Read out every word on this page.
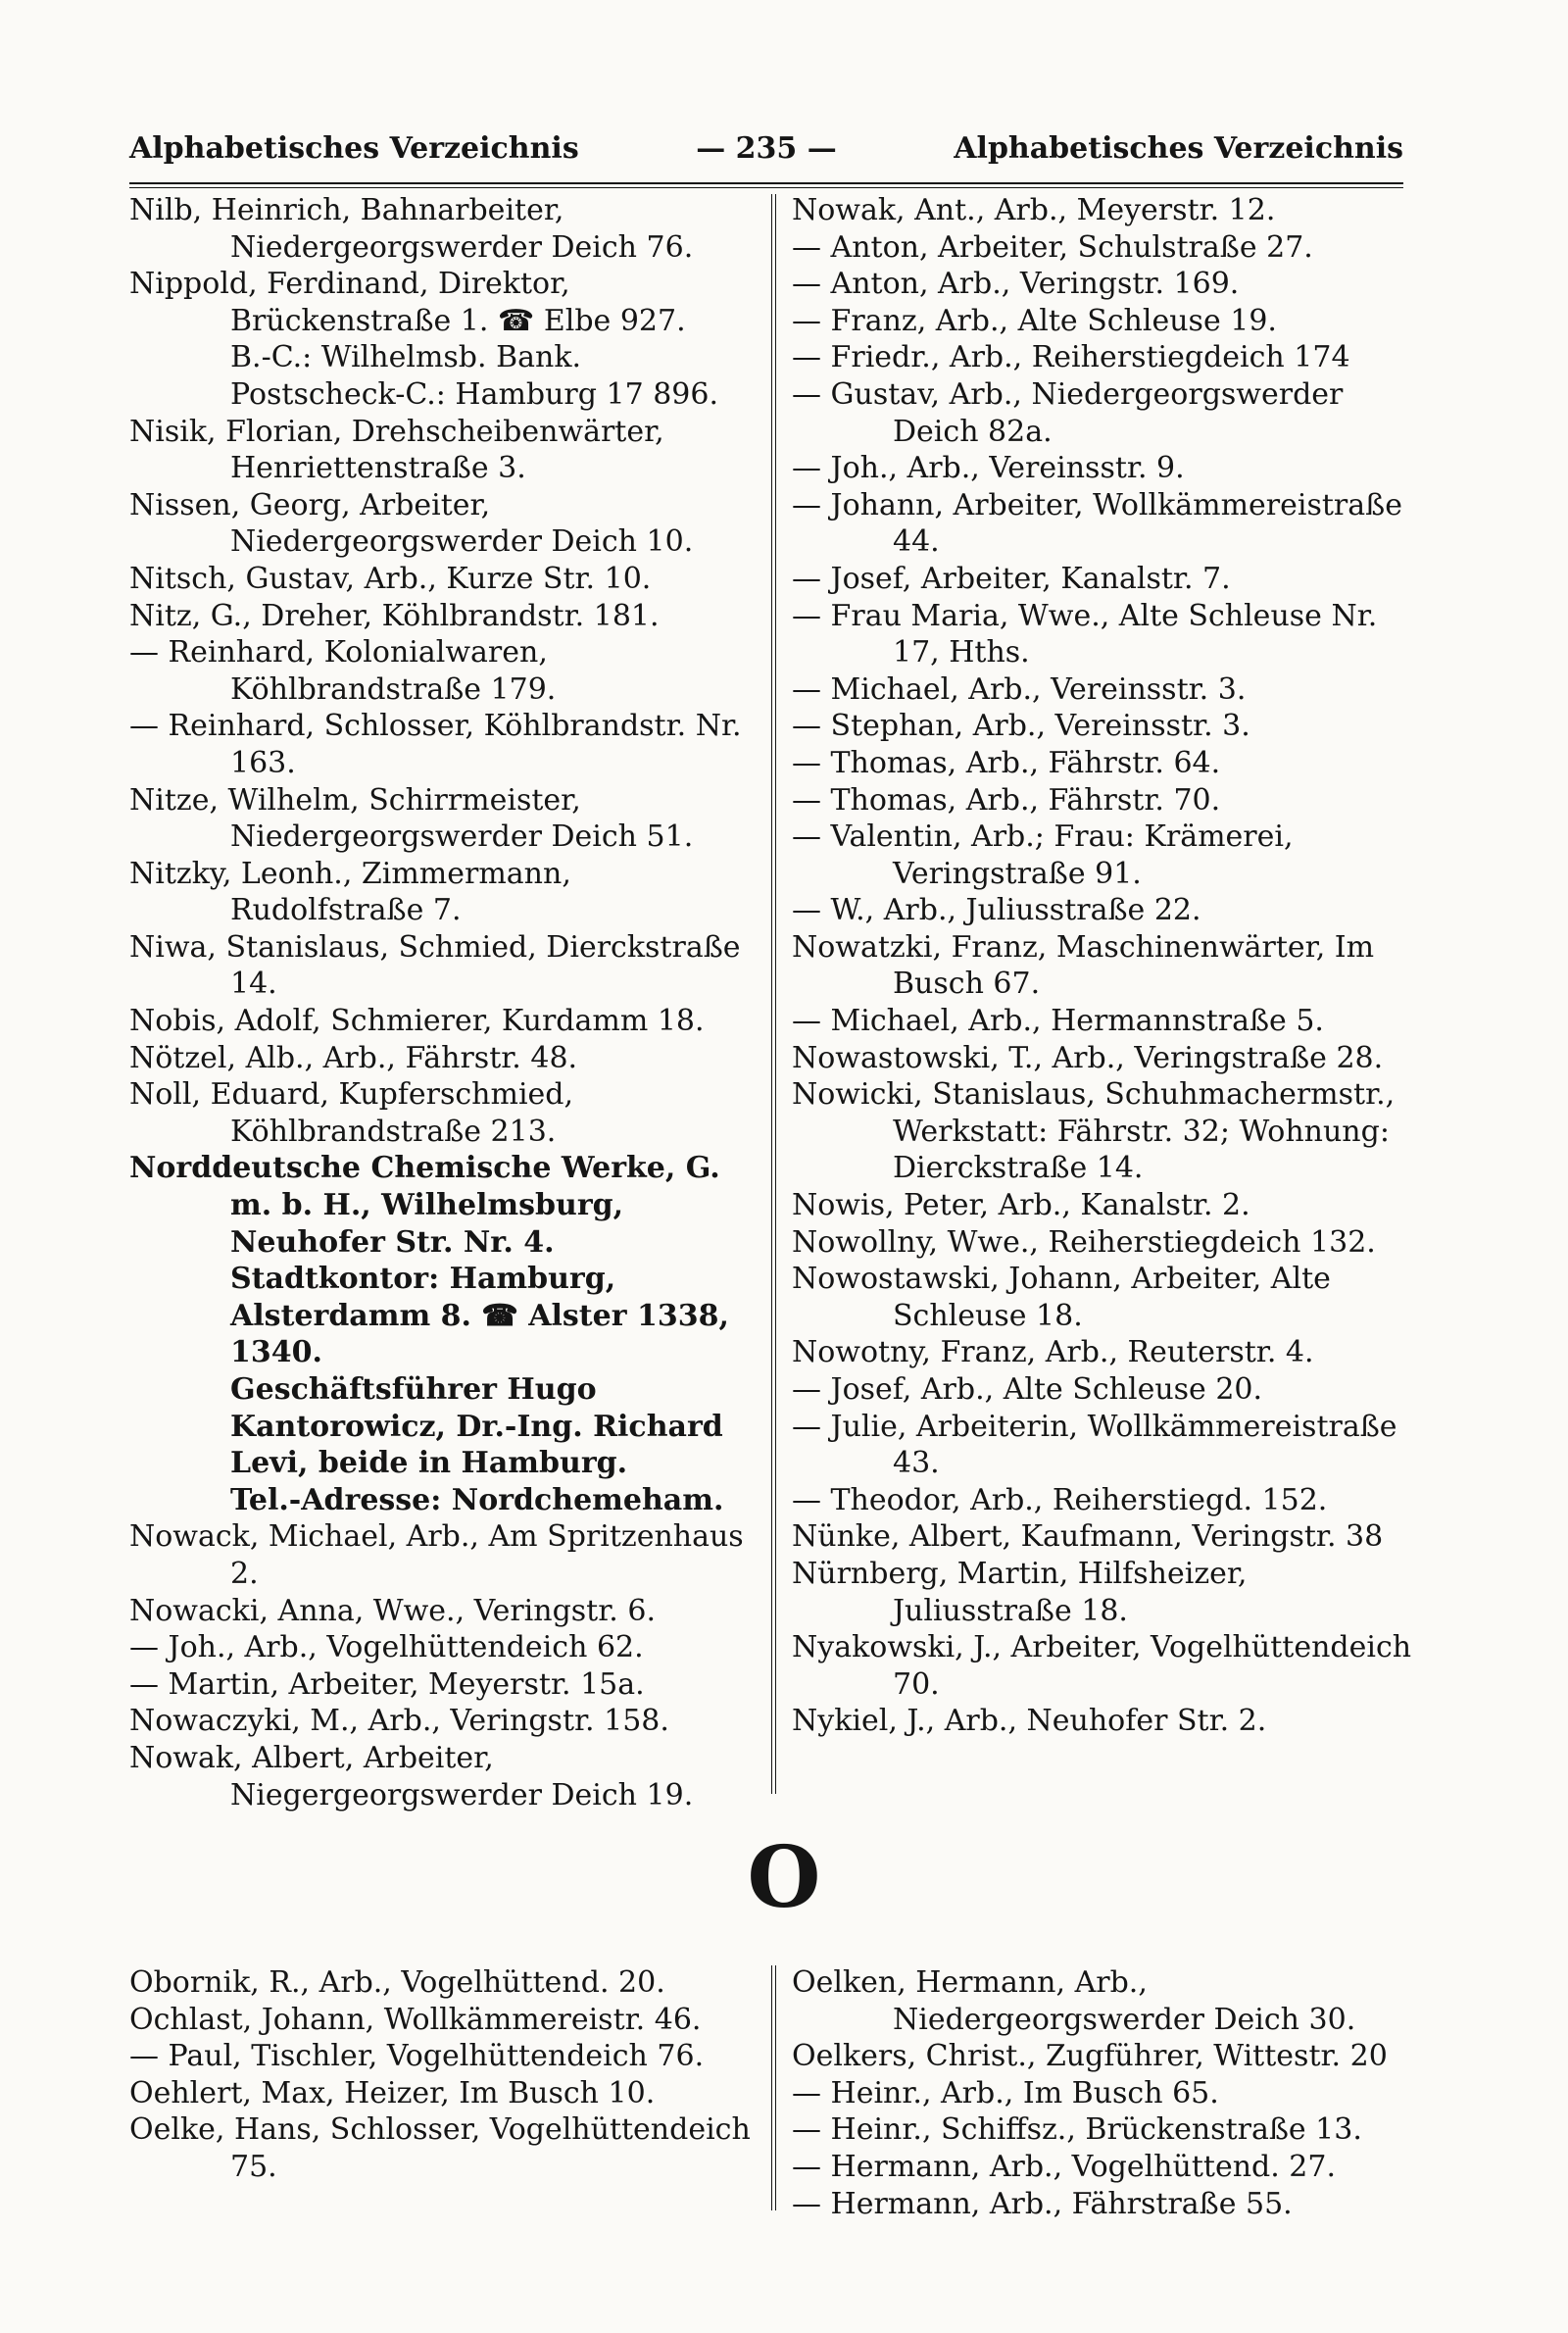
Alphabetisches Verzeichnis	— 235 —	Alphabetisches Verzeichnis

Nilb, Heinrich, Bahnarbeiter, Niedergeorgswerder Deich 76.

Nippold, Ferdinand, Direktor, Brückenstraße 1. ☎ Elbe 927.

B.-C.: Wilhelmsb. Bank.

Postscheck-C.: Hamburg 17 896.

Nisik, Florian, Drehscheibenwärter, Henriettenstraße 3.

Nissen, Georg, Arbeiter, Niedergeorgswerder Deich 10.

Nitsch, Gustav, Arb., Kurze Str. 10.

Nitz, G., Dreher, Köhlbrandstr. 181.

— Reinhard, Kolonialwaren, Köhlbrandstraße 179.

— Reinhard, Schlosser, Köhlbrandstr. Nr. 163.

Nitze, Wilhelm, Schirrmeister, Niedergeorgswerder Deich 51.

Nitzky, Leonh., Zimmermann, Rudolfstraße 7.

Niwa, Stanislaus, Schmied, Dierckstraße 14.

Nobis, Adolf, Schmierer, Kurdamm 18.

Nötzel, Alb., Arb., Fährstr. 48.

Noll, Eduard, Kupferschmied, Köhlbrandstraße 213.

Norddeutsche Chemische Werke, G. m. b. H., Wilhelmsburg, Neuhofer Str. Nr. 4.

Stadtkontor: Hamburg, Alsterdamm 8. ☎ Alster 1338, 1340.

Geschäftsführer Hugo Kantorowicz, Dr.-Ing. Richard Levi, beide in Hamburg.

Tel.-Adresse: Nordchemeham.

Nowack, Michael, Arb., Am Spritzenhaus 2.

Nowacki, Anna, Wwe., Veringstr. 6.

— Joh., Arb., Vogelhüttendeich 62.

— Martin, Arbeiter, Meyerstr. 15a.

Nowaczyki, M., Arb., Veringstr. 158.

Nowak, Albert, Arbeiter, Niegergeorgswerder Deich 19.

Nowak, Ant., Arb., Meyerstr. 12.

— Anton, Arbeiter, Schulstraße 27.

— Anton, Arb., Veringstr. 169.

— Franz, Arb., Alte Schleuse 19.

— Friedr., Arb., Reiherstiegdeich 174

— Gustav, Arb., Niedergeorgswerder Deich 82a.

— Joh., Arb., Vereinsstr. 9.

— Johann, Arbeiter, Wollkämmereistraße 44.

— Josef, Arbeiter, Kanalstr. 7.

— Frau Maria, Wwe., Alte Schleuse Nr. 17, Hths.

— Michael, Arb., Vereinsstr. 3.

— Stephan, Arb., Vereinsstr. 3.

— Thomas, Arb., Fährstr. 64.

— Thomas, Arb., Fährstr. 70.

— Valentin, Arb.; Frau: Krämerei, Veringstraße 91.

— W., Arb., Juliusstraße 22.

Nowatzki, Franz, Maschinenwärter, Im Busch 67.

— Michael, Arb., Hermannstraße 5.

Nowastowski, T., Arb., Veringstraße 28.

Nowicki, Stanislaus, Schuhmachermstr., Werkstatt: Fährstr. 32; Wohnung: Dierckstraße 14.

Nowis, Peter, Arb., Kanalstr. 2.

Nowollny, Wwe., Reiherstiegdeich 132.

Nowostawski, Johann, Arbeiter, Alte Schleuse 18.

Nowotny, Franz, Arb., Reuterstr. 4.

— Josef, Arb., Alte Schleuse 20.

— Julie, Arbeiterin, Wollkämmereistraße 43.

— Theodor, Arb., Reiherstiegd. 152.

Nünke, Albert, Kaufmann, Veringstr. 38

Nürnberg, Martin, Hilfsheizer, Juliusstraße 18.

Nyakowski, J., Arbeiter, Vogelhüttendeich 70.

Nykiel, J., Arb., Neuhofer Str. 2.

O

Obornik, R., Arb., Vogelhüttend. 20.

Ochlast, Johann, Wollkämmereistr. 46.

— Paul, Tischler, Vogelhüttendeich 76.

Oehlert, Max, Heizer, Im Busch 10.

Oelke, Hans, Schlosser, Vogelhüttendeich 75.

Oelken, Hermann, Arb., Niedergeorgswerder Deich 30.

Oelkers, Christ., Zugführer, Wittestr. 20

— Heinr., Arb., Im Busch 65.

— Heinr., Schiffsz., Brückenstraße 13.

— Hermann, Arb., Vogelhüttend. 27.

— Hermann, Arb., Fährstraße 55.
